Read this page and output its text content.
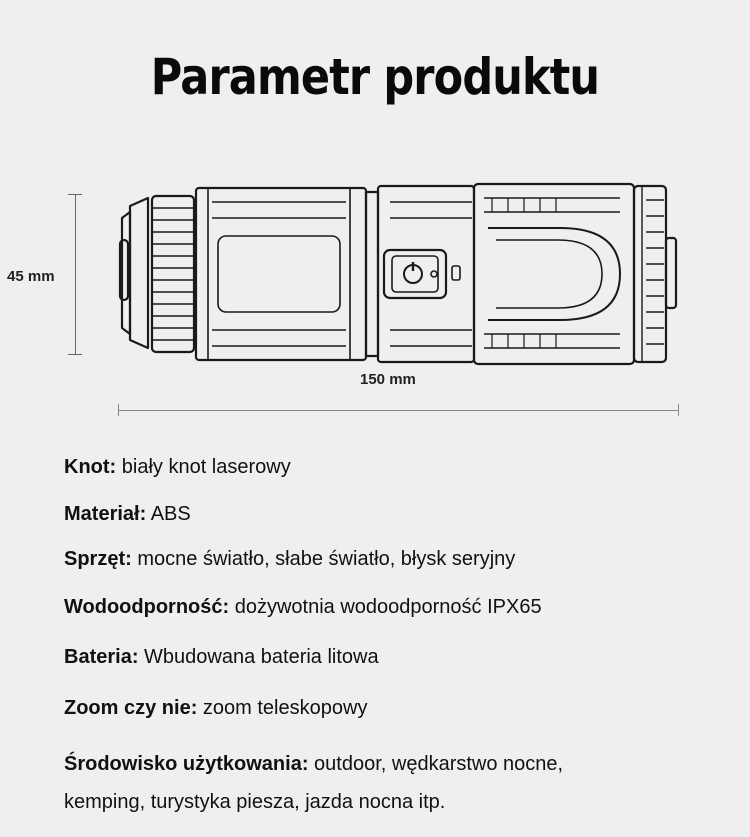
Parametr produktu
45 mm
150 mm
Knot: biały knot laserowy
Materiał: ABS
Sprzęt: mocne światło, słabe światło, błysk seryjny
Wodoodporność: dożywotnia wodoodporność IPX65
Bateria: Wbudowana bateria litowa
Zoom czy nie: zoom teleskopowy
Środowisko użytkowania: outdoor, wędkarstwo nocne,
kemping, turystyka piesza, jazda nocna itp.
